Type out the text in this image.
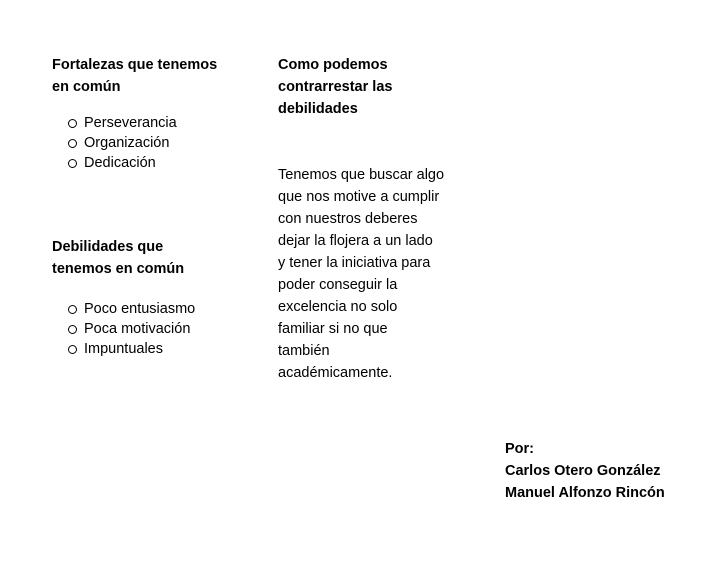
Fortalezas que tenemos
en común
Perseverancia
Organización
Dedicación
Debilidades que
tenemos en común
Poco entusiasmo
Poca motivación
Impuntuales
Como podemos
contrarrestar las
debilidades
Tenemos que buscar algo
que nos motive a cumplir
con nuestros deberes
dejar la flojera a un lado
y tener la iniciativa para
poder conseguir la
excelencia no solo
familiar si no que
también
académicamente.
Por:
Carlos Otero González
Manuel Alfonzo Rincón
